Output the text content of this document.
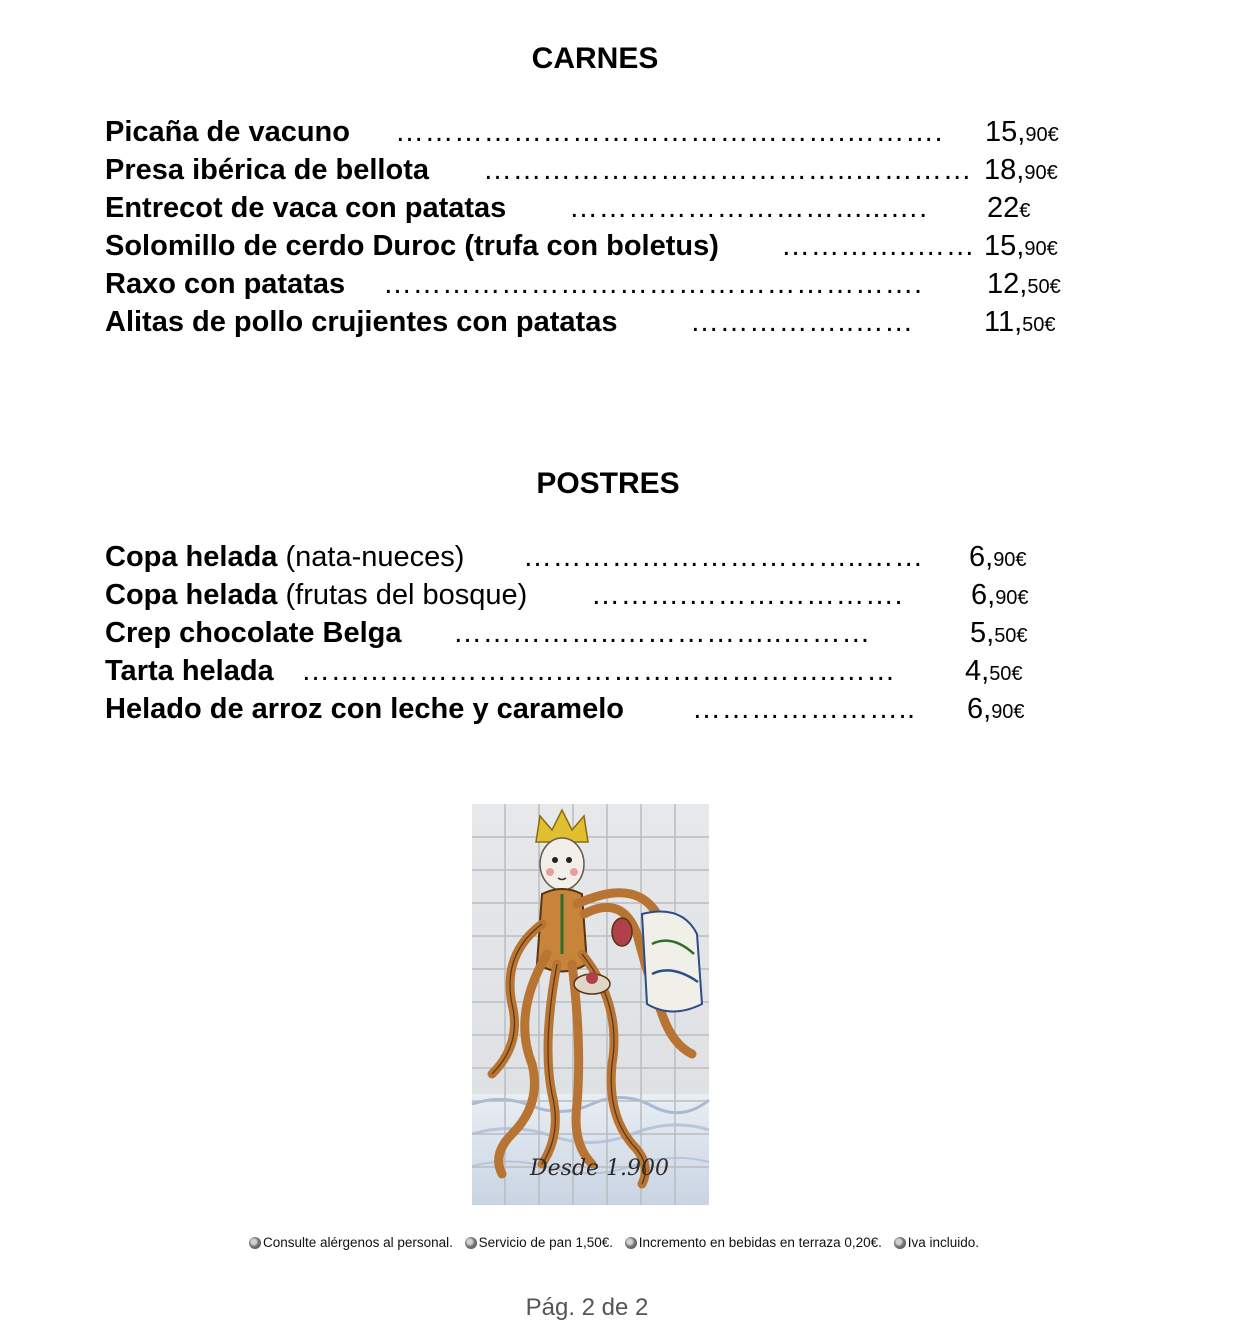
CARNES
Picaña de vacuno ……………………………………….………. 15,90€
Presa ibérica de bellota ………………………………..………… 18,90€
Entrecot de vaca con patatas …………………………...….	22€
Solomillo de cerdo Duroc (trufa con boletus) …………..…… 15,90€
Raxo con patatas ……………………………………………….	12,50€
Alitas de pollo crujientes con patatas	……………..……	11,50€
POSTRES
Copa helada (nata-nueces) ……………………………..……	6,90€
Copa helada (frutas del bosque) ……….………………….	6,90€
Crep chocolate Belga ……………..……………..………	5,50€
Tarta helada ……………………..………………………..……	4,50€
Helado de arroz con leche y caramelo …………………..	6,90€
Desde 1.900
Consulte alérgenos al personal. Servicio de pan 1,50€. Incremento en bebidas en terraza 0,20€. Iva incluido.
Pág. 2 de 2
